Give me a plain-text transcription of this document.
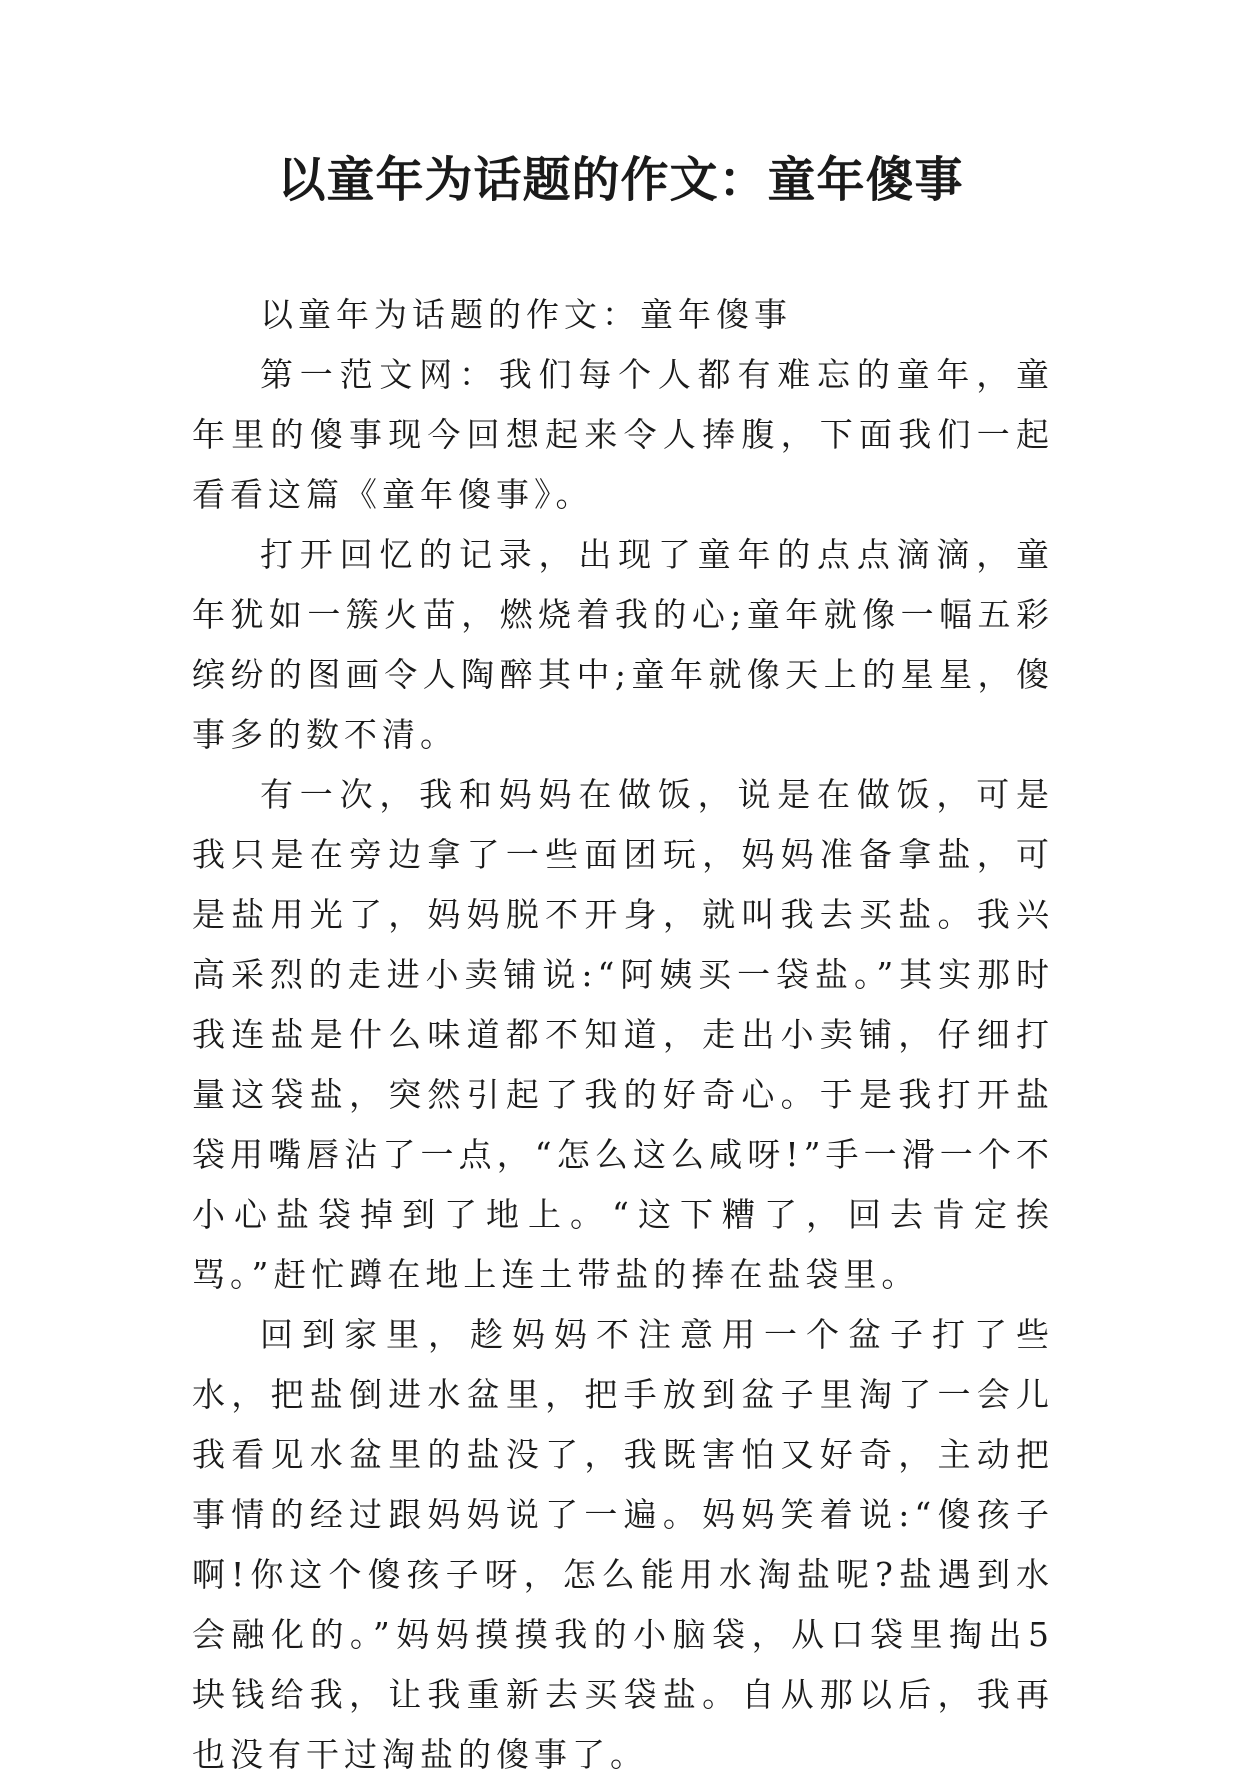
以童年为话题的作文：童年傻事

以童年为话题的作文：童年傻事

第一范文网：我们每个人都有难忘的童年，童年里的傻事现今回想起来令人捧腹，下面我们一起看看这篇《童年傻事》。

打开回忆的记录，出现了童年的点点滴滴，童年犹如一簇火苗，燃烧着我的心;童年就像一幅五彩缤纷的图画令人陶醉其中;童年就像天上的星星，傻事多的数不清。

有一次，我和妈妈在做饭，说是在做饭，可是我只是在旁边拿了一些面团玩，妈妈准备拿盐，可是盐用光了，妈妈脱不开身，就叫我去买盐。我兴高采烈的走进小卖铺说:“阿姨买一袋盐。”其实那时我连盐是什么味道都不知道，走出小卖铺，仔细打量这袋盐，突然引起了我的好奇心。于是我打开盐袋用嘴唇沾了一点，“怎么这么咸呀!”手一滑一个不小心盐袋掉到了地上。“这下糟了，回去肯定挨骂。”赶忙蹲在地上连土带盐的捧在盐袋里。

回到家里，趁妈妈不注意用一个盆子打了些水，把盐倒进水盆里，把手放到盆子里淘了一会儿我看见水盆里的盐没了，我既害怕又好奇，主动把事情的经过跟妈妈说了一遍。妈妈笑着说:“傻孩子啊!你这个傻孩子呀，怎么能用水淘盐呢?盐遇到水会融化的。”妈妈摸摸我的小脑袋，从口袋里掏出5块钱给我，让我重新去买袋盐。自从那以后，我再也没有干过淘盐的傻事了。
